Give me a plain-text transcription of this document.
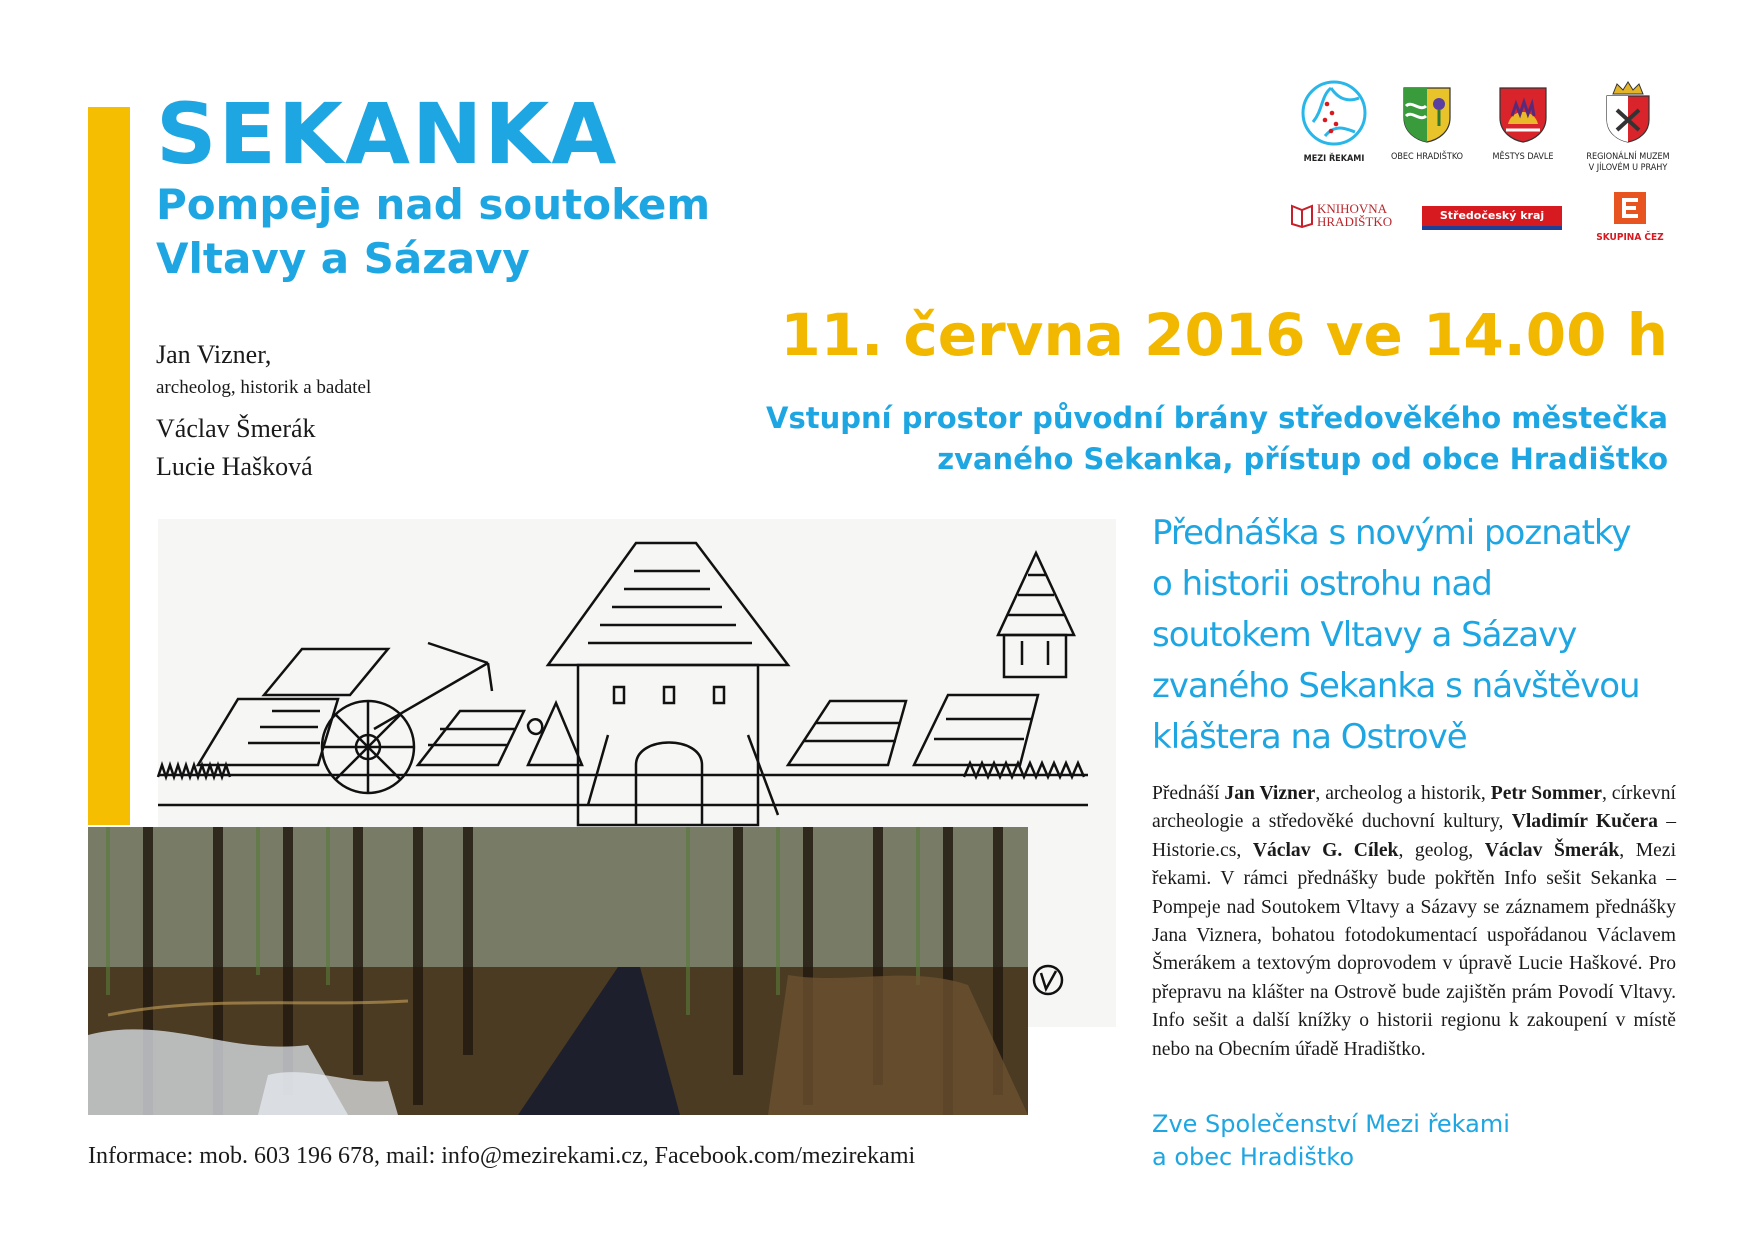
SEKANKA
Pompeje nad soutokem
Vltavy a Sázavy
Jan Vizner,
archeolog, historik a badatel
Václav Šmerák
Lucie Hašková
11. června 2016 ve 14.00 h
Vstupní prostor původní brány středověkého městečka
zvaného Sekanka, přístup od obce Hradištko
MEZI ŘEKAMI	OBEC HRADIŠTKO	MĚSTYS DAVLE	REGIONÁLNÍ MUZEM
V JÍLOVÉM U PRAHY
KNIHOVNA
HRADIŠTKO	Středočeský kraj
SKUPINA ČEZ
Přednáška s novými poznatky
o historii ostrohu nad
soutokem Vltavy a Sázavy
zvaného Sekanka s návštěvou
kláštera na Ostrově
Přednáší Jan Vizner, archeolog a historik, Petr Sommer, církevní archeologie a středověké duchovní kultury, Vladimír Kučera – Historie.cs, Václav G. Cílek, geolog, Václav Šmerák, Mezi řekami. V rámci přednášky bude pokřtěn Info sešit Sekanka – Pompeje nad Soutokem Vltavy a Sázavy se záznamem přednášky Jana Viznera, bohatou fotodokumentací uspořádanou Václavem Šmerákem a textovým doprovodem v úpravě Lucie Haškové. Pro přepravu na klášter na Ostrově bude zajištěn prám Povodí Vltavy. Info sešit a další knížky o historii regionu k zakoupení v místě nebo na Obecním úřadě Hradištko.
Zve Společenství Mezi řekami
a obec Hradištko
Informace: mob. 603 196 678, mail: info@mezirekami.cz, Facebook.com/mezirekami
